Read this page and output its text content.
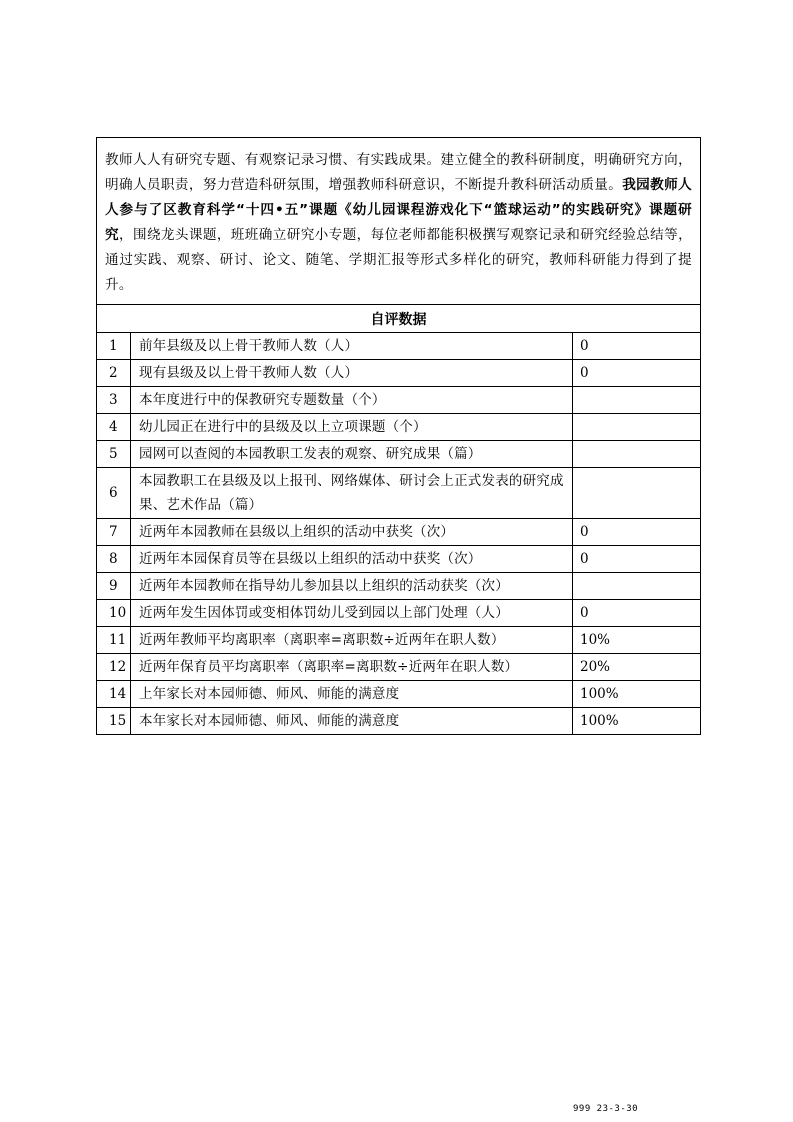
教师人人有研究专题、有观察记录习惯、有实践成果。建立健全的教科研制度，明确研究方向，明确人员职责，努力营造科研氛围，增强教师科研意识，不断提升教科研活动质量。我园教师人人参与了区教育科学“十四•五”课题《幼儿园课程游戏化下“篮球运动”的实践研究》课题研究，围绕龙头课题，班班确立研究小专题，每位老师都能积极撰写观察记录和研究经验总结等，通过实践、观察、研讨、论文、随笔、学期汇报等形式多样化的研究，教师科研能力得到了提升。		
自评数据		
1	前年县级及以上骨干教师人数（人）	0
2	现有县级及以上骨干教师人数（人）	0
3	本年度进行中的保教研究专题数量（个）	
4	幼儿园正在进行中的县级及以上立项课题（个）	
5	园网可以查阅的本园教职工发表的观察、研究成果（篇）	
6	本园教职工在县级及以上报刊、网络媒体、研讨会上正式发表的研究成果、艺术作品（篇）	
7	近两年本园教师在县级以上组织的活动中获奖（次）	0
8	近两年本园保育员等在县级以上组织的活动中获奖（次）	0
9	近两年本园教师在指导幼儿参加县以上组织的活动获奖（次）	
10	近两年发生因体罚或变相体罚幼儿受到园以上部门处理（人）	0
11	近两年教师平均离职率（离职率=离职数÷近两年在职人数）	10%
12	近两年保育员平均离职率（离职率=离职数÷近两年在职人数）	20%
14	上年家长对本园师德、师风、师能的满意度	100%
15	本年家长对本园师德、师风、师能的满意度	100%
999 23-3-30
